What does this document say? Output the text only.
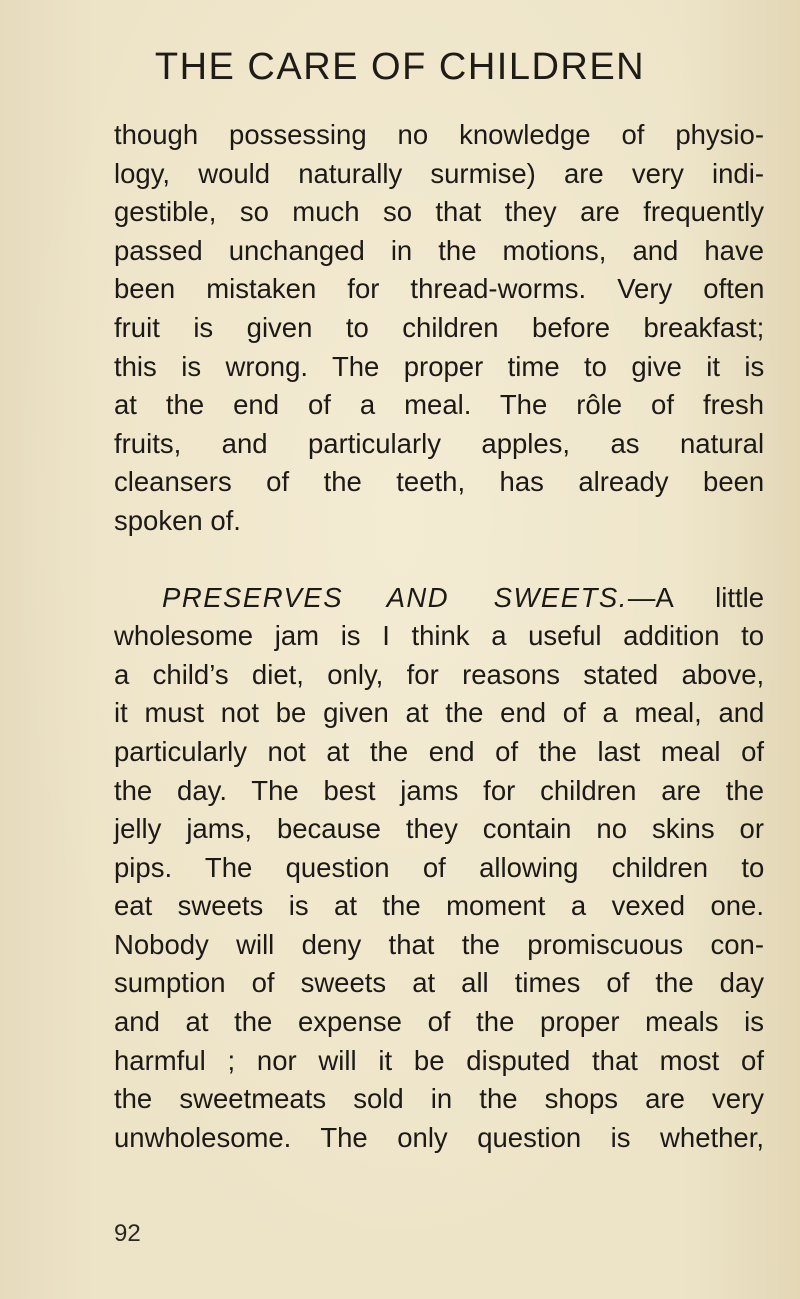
THE CARE OF CHILDREN
though possessing no knowledge of physio-
logy, would naturally surmise) are very indi-
gestible, so much so that they are frequently
passed unchanged in the motions, and have
been mistaken for thread-worms. Very often
fruit is given to children before breakfast;
this is wrong. The proper time to give it is
at the end of a meal. The rôle of fresh
fruits, and particularly apples, as natural
cleansers of the teeth, has already been
spoken of.
PRESERVES AND SWEETS.—A little
wholesome jam is I think a useful addition to
a child’s diet, only, for reasons stated above,
it must not be given at the end of a meal, and
particularly not at the end of the last meal of
the day. The best jams for children are the
jelly jams, because they contain no skins or
pips. The question of allowing children to
eat sweets is at the moment a vexed one.
Nobody will deny that the promiscuous con-
sumption of sweets at all times of the day
and at the expense of the proper meals is
harmful ; nor will it be disputed that most of
the sweetmeats sold in the shops are very
unwholesome. The only question is whether,
92
